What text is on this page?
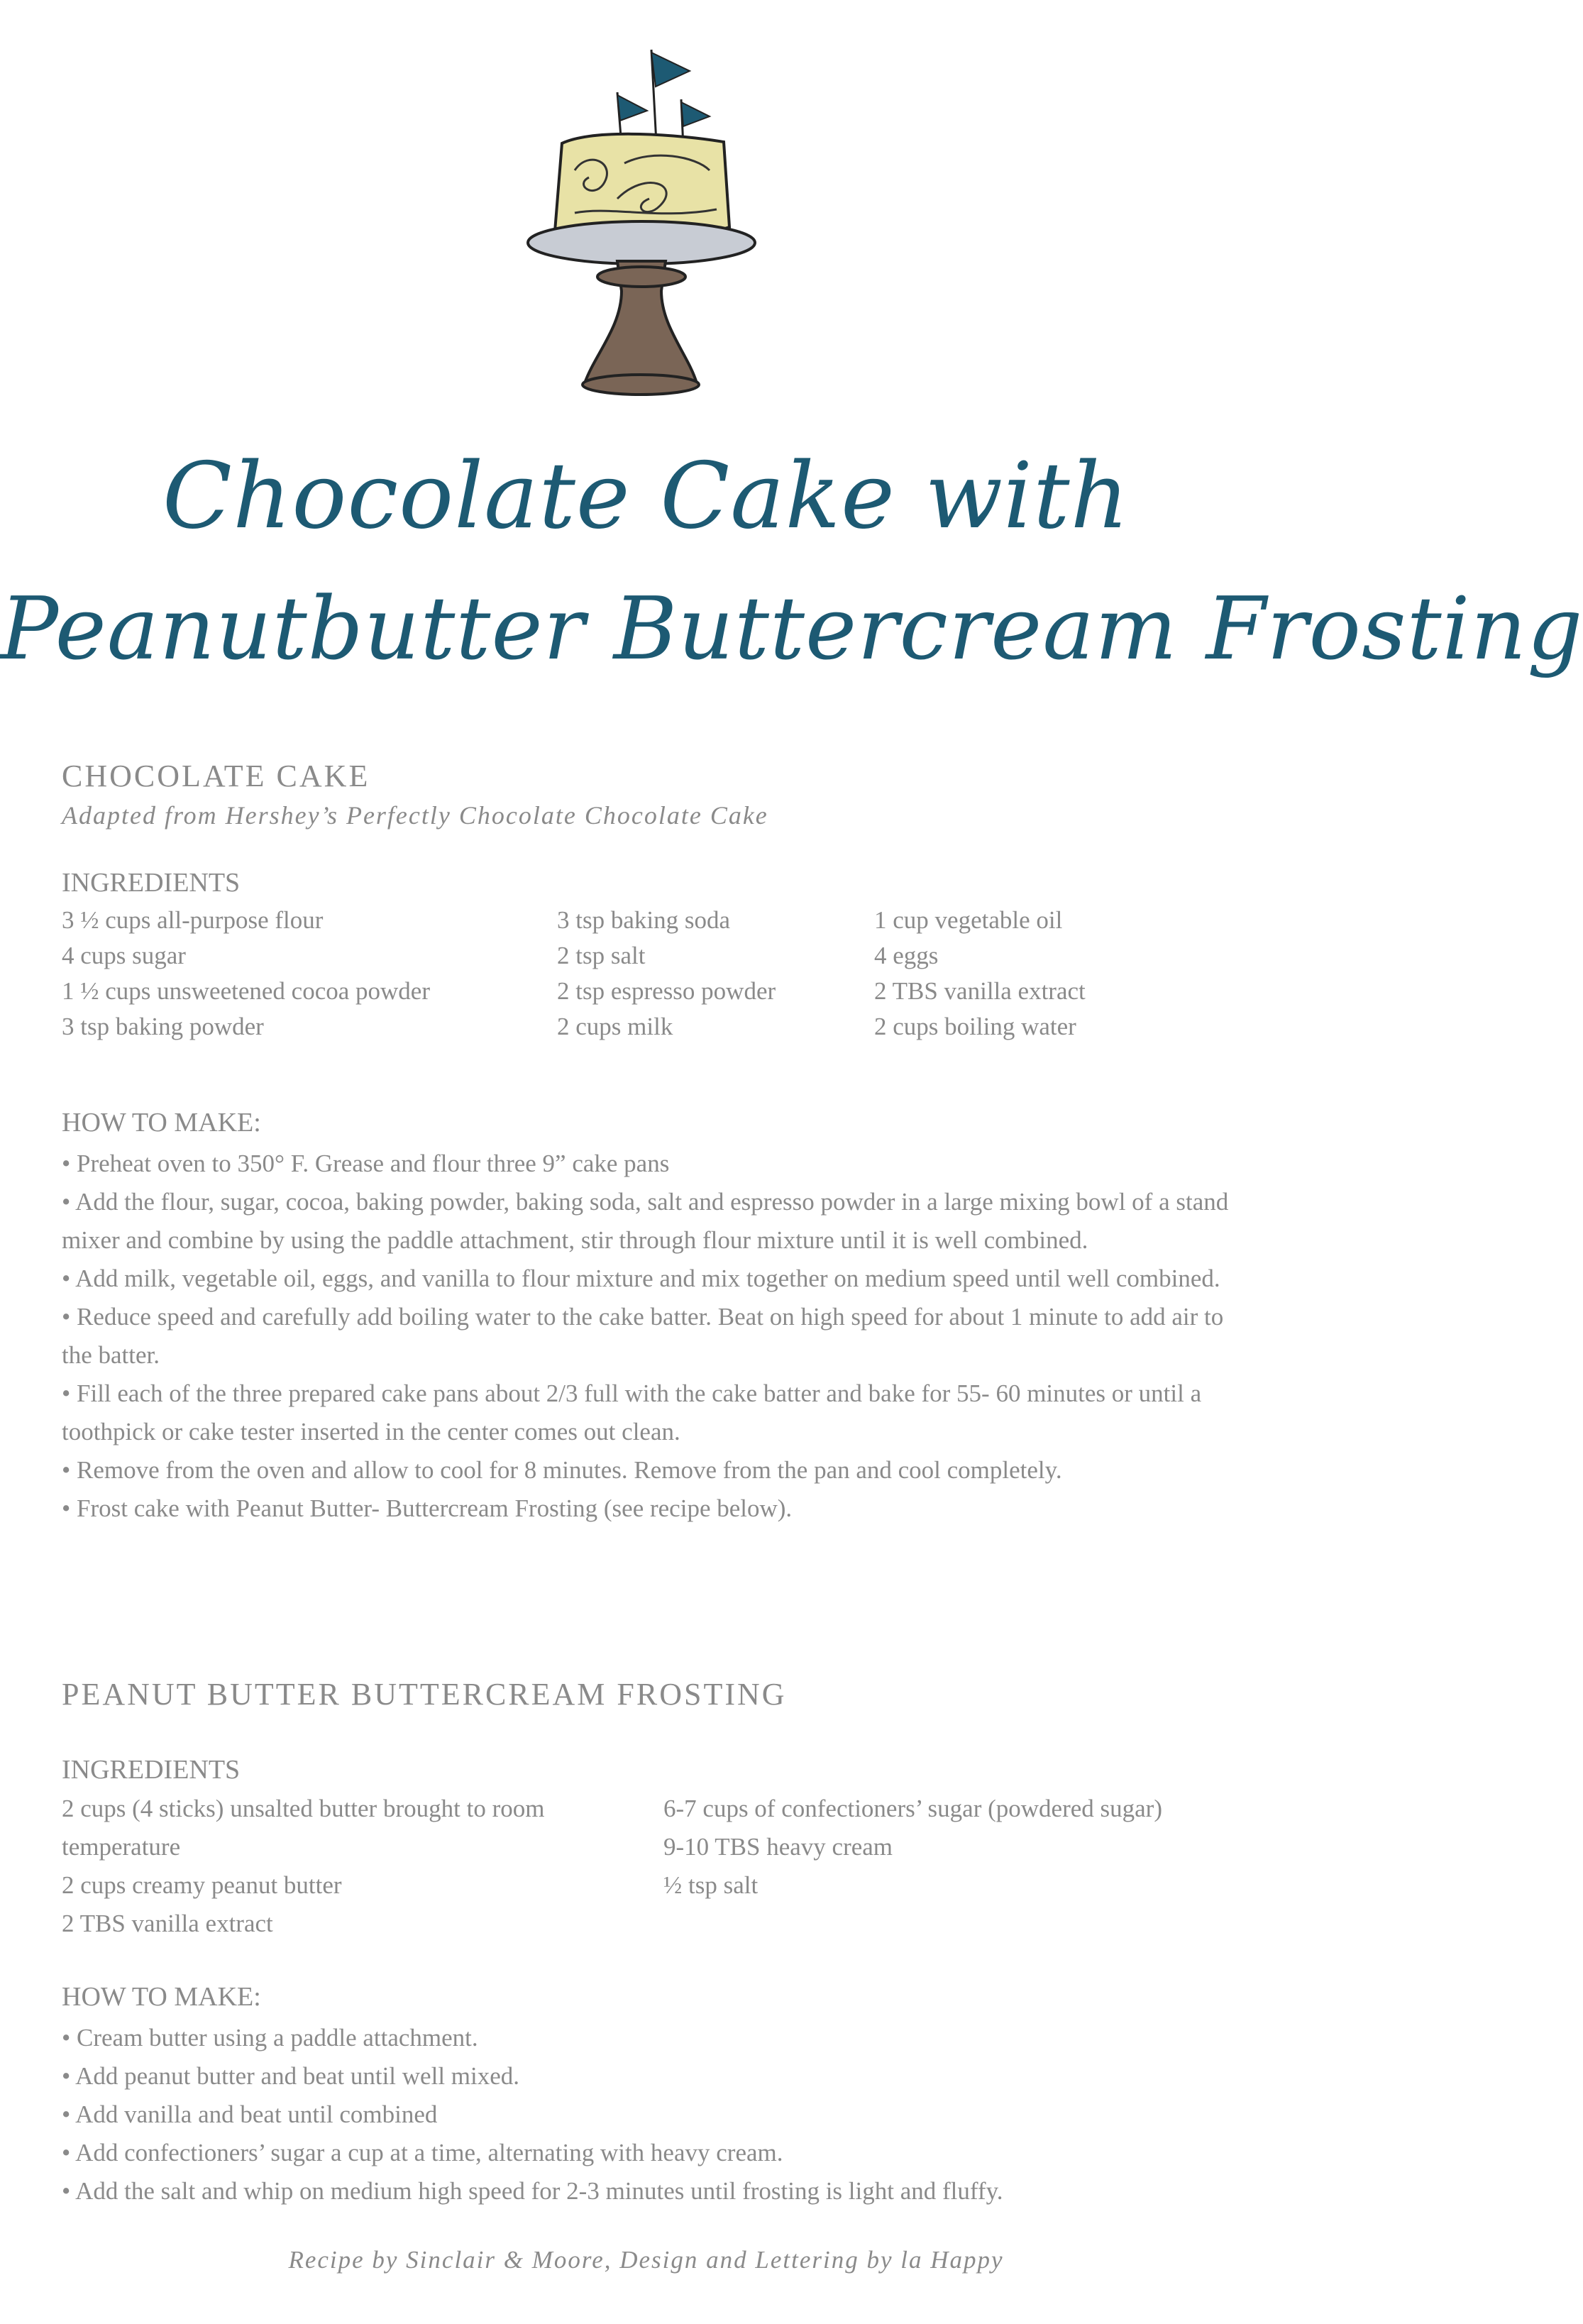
Chocolate Cake with
Peanutbutter Buttercream Frosting
CHOCOLATE CAKE
Adapted from Hershey’s Perfectly Chocolate Chocolate Cake
INGREDIENTS
3 ½ cups all-purpose flour
4 cups sugar
1 ½ cups unsweetened cocoa powder
3 tsp baking powder
3 tsp baking soda
2 tsp salt
2 tsp espresso powder
2 cups milk
1 cup vegetable oil
4 eggs
2 TBS vanilla extract
2 cups boiling water
HOW TO MAKE:

• Preheat oven to 350° F. Grease and flour three 9” cake pans

• Add the flour, sugar, cocoa, baking powder, baking soda, salt and espresso powder in a large mixing bowl of a stand mixer and combine by using the paddle attachment, stir through flour mixture until it is well combined.

• Add milk, vegetable oil, eggs, and vanilla to flour mixture and mix together on medium speed until well combined.

• Reduce speed and carefully add boiling water to the cake batter. Beat on high speed for about 1 minute to add air to the batter.

• Fill each of the three prepared cake pans about 2/3 full with the cake batter and bake for 55- 60 minutes or until a toothpick or cake tester inserted in the center comes out clean.

• Remove from the oven and allow to cool for 8 minutes. Remove from the pan and cool completely.

• Frost cake with Peanut Butter- Buttercream Frosting (see recipe below).

PEANUT BUTTER BUTTERCREAM FROSTING
INGREDIENTS
2 cups (4 sticks) unsalted butter brought to room temperature
2 cups creamy peanut butter
2 TBS vanilla extract
6-7 cups of confectioners’ sugar (powdered sugar)
9-10 TBS heavy cream
½ tsp salt
HOW TO MAKE:

• Cream butter using a paddle attachment.

• Add peanut butter and beat until well mixed.

• Add vanilla and beat until combined

• Add confectioners’ sugar a cup at a time, alternating with heavy cream.

• Add the salt and whip on medium high speed for 2-3 minutes until frosting is light and fluffy.

Recipe by Sinclair & Moore, Design and Lettering by la Happy
